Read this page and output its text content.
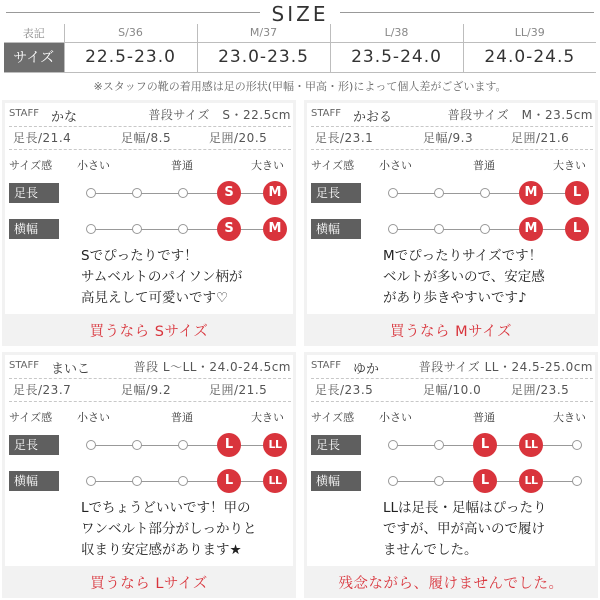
SIZE
表記	S/36	M/37	L/38	LL/39
サイズ	22.5-23.0	23.0-23.5	23.5-24.0	24.0-24.5
※スタッフの靴の着用感は足の形状(甲幅・甲高・形)によって個人差がございます。
STAFF かな	普段サイズ　S・22.5cm
足長/21.4	足幅/8.5	足囲/20.5
サイズ感 小さい	普通	大きい
足長	S	M
横幅	S	M
Sでぴったりです！
サムベルトのパイソン柄が
高見えして可愛いです♡
買うなら Sサイズ
STAFF かおる	普段サイズ　M・23.5cm
足長/23.1	足幅/9.3	足囲/21.6
サイズ感 小さい	普通	大きい
足長	M	L
横幅	M	L
Mでぴったりサイズです！
ベルトが多いので、安定感
があり歩きやすいです♪
買うなら Mサイズ
STAFF まいこ	普段 L〜LL・24.0-24.5cm
足長/23.7	足幅/9.2	足囲/21.5
サイズ感 小さい	普通	大きい
足長	L	LL
横幅	L	LL
Lでちょうどいいです！甲の
ワンベルト部分がしっかりと
収まり安定感があります★
買うなら Lサイズ
STAFF ゆか	普段サイズ LL・24.5-25.0cm
足長/23.5	足幅/10.0 足囲/23.5
サイズ感 小さい	普通	大きい
足長	L	LL
横幅	L	LL
LLは足長・足幅はぴったり
ですが、甲が高いので履け
ませんでした。
残念ながら、履けませんでした。
